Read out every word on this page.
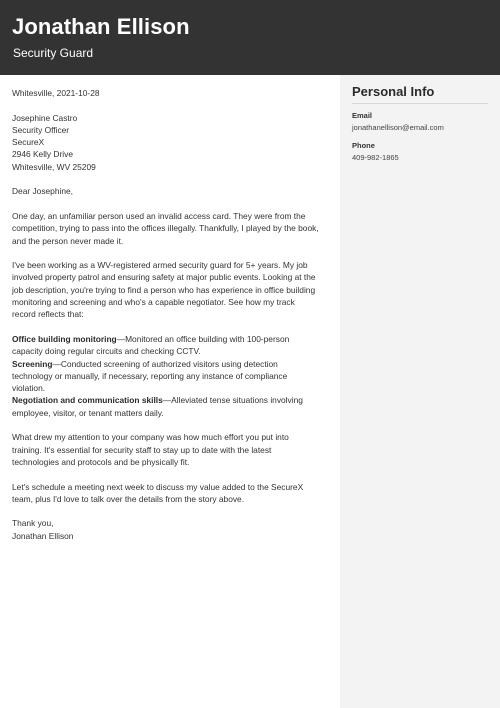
Jonathan Ellison
Security Guard
Personal Info
Email
jonathanellison@email.com
Phone
409-982-1865
Whitesville, 2021-10-28
Josephine Castro
Security Officer
SecureX
2946 Kelly Drive
Whitesville, WV 25209
Dear Josephine,
One day, an unfamiliar person used an invalid access card. They were from the
competition, trying to pass into the offices illegally. Thankfully, I played by the book,
and the person never made it.
I've been working as a WV-registered armed security guard for 5+ years. My job
involved property patrol and ensuring safety at major public events. Looking at the
job description, you're trying to find a person who has experience in office building
monitoring and screening and who's a capable negotiator. See how my track
record reflects that:
Office building monitoring—Monitored an office building with 100-person
capacity doing regular circuits and checking CCTV.
Screening—Conducted screening of authorized visitors using detection
technology or manually, if necessary, reporting any instance of compliance
violation.
Negotiation and communication skills—Alleviated tense situations involving
employee, visitor, or tenant matters daily.
What drew my attention to your company was how much effort you put into
training. It's essential for security staff to stay up to date with the latest
technologies and protocols and be physically fit.
Let's schedule a meeting next week to discuss my value added to the SecureX
team, plus I'd love to talk over the details from the story above.
Thank you,
Jonathan Ellison
